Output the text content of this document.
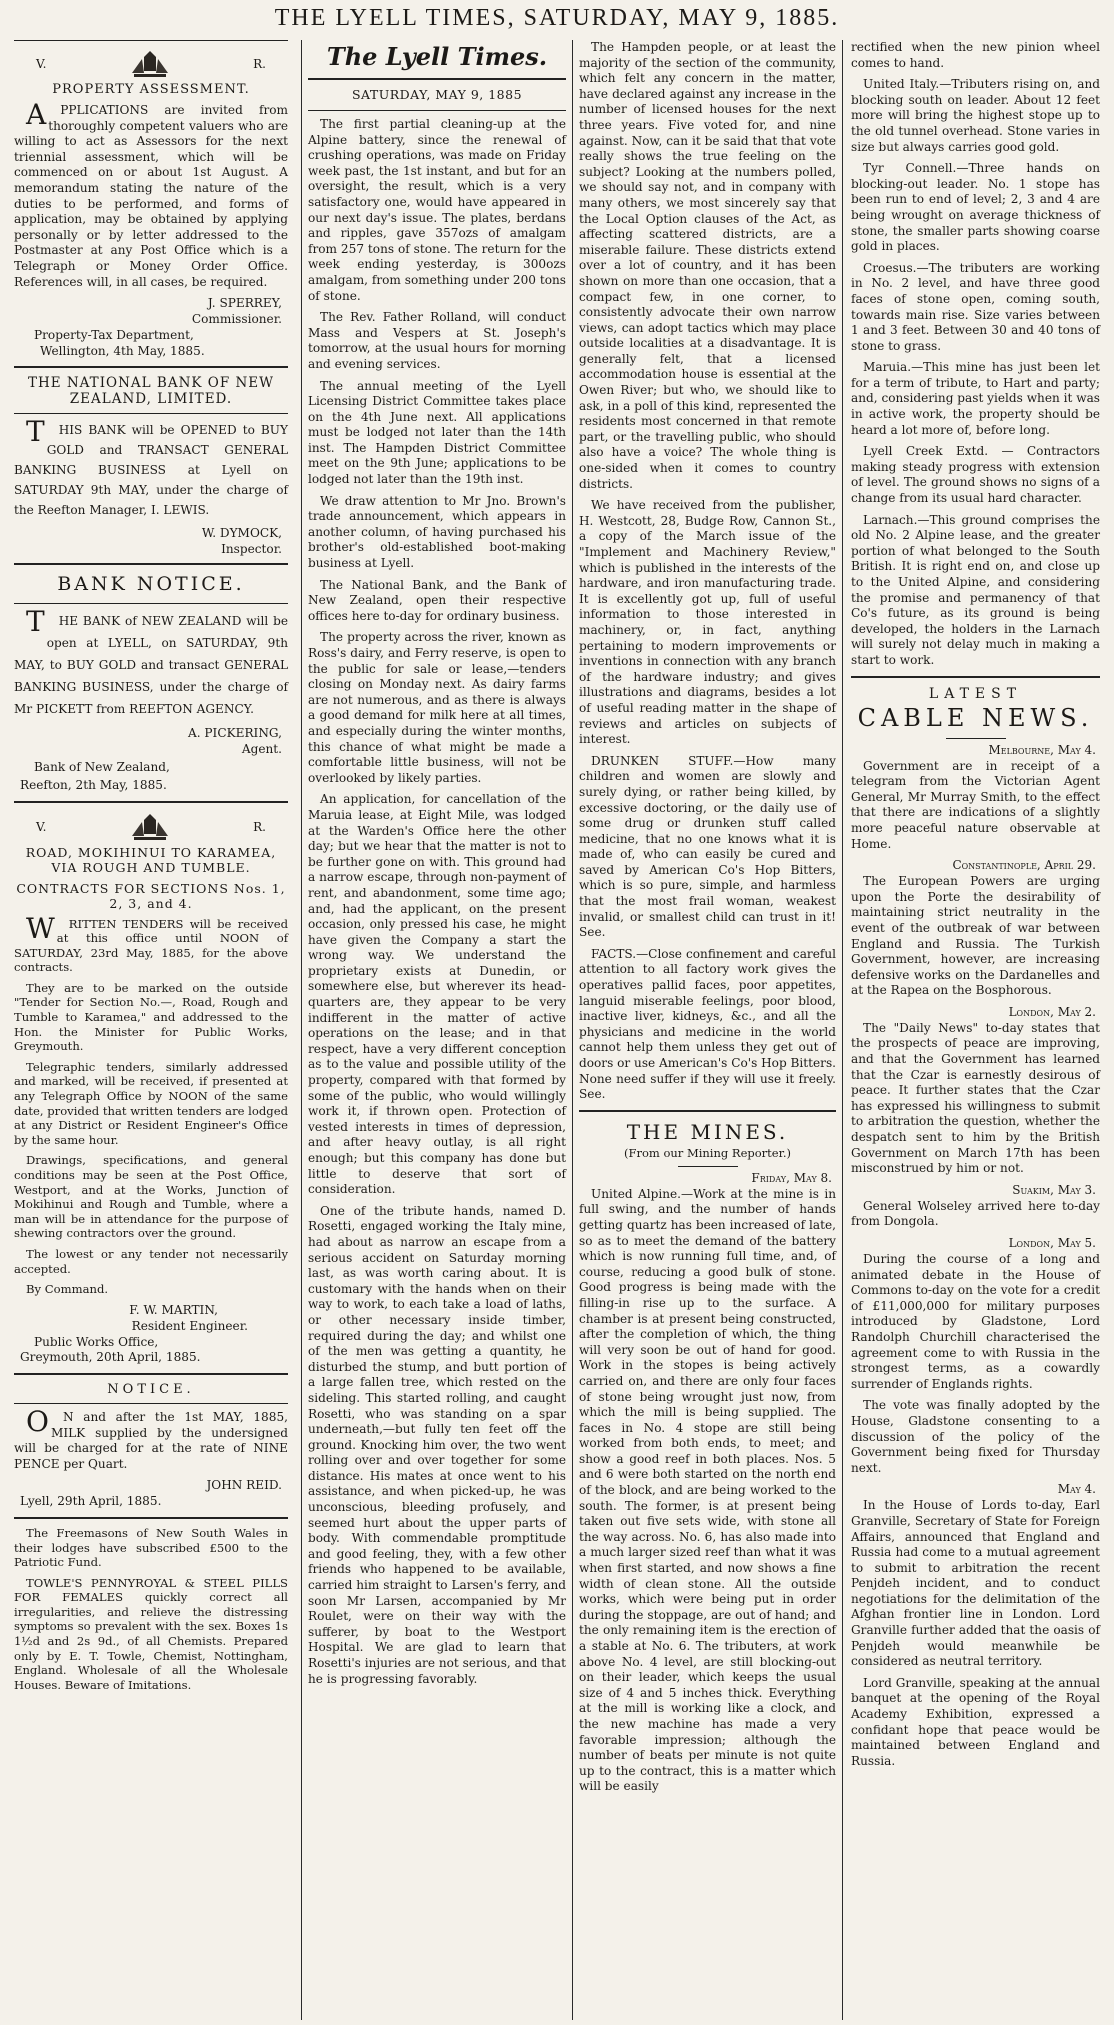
THE LYELL TIMES, SATURDAY, MAY 9, 1885.
V.	R.
PROPERTY ASSESSMENT.

APPLICATIONS are invited from thoroughly competent valuers who are willing to act as Assessors for the next triennial assessment, which will be commenced on or about 1st August. A memorandum stating the nature of the duties to be performed, and forms of application, may be obtained by applying personally or by letter addressed to the Postmaster at any Post Office which is a Telegraph or Money Order Office. References will, in all cases, be required.

J. SPERREY,
Commissioner.

Property-Tax Department,

Wellington, 4th May, 1885.

THE NATIONAL BANK OF NEW ZEALAND, LIMITED.

THIS BANK will be OPENED to BUY GOLD and TRANSACT GENERAL BANKING BUSINESS at Lyell on SATURDAY 9th MAY, under the charge of the Reefton Manager, I. LEWIS.

W. DYMOCK,
Inspector.
BANK NOTICE.

THE BANK of NEW ZEALAND will be open at LYELL, on SATURDAY, 9th MAY, to BUY GOLD and transact GENERAL BANKING BUSINESS, under the charge of Mr PICKETT from REEFTON AGENCY.

A. PICKERING,
Agent.

Bank of New Zealand,

Reefton, 2th May, 1885.

V.	R.
ROAD, MOKIHINUI TO KARAMEA, VIA ROUGH AND TUMBLE.
CONTRACTS FOR SECTIONS Nos. 1, 2, 3, and 4.

WRITTEN TENDERS will be received at this office until NOON of SATURDAY, 23rd May, 1885, for the above contracts.

They are to be marked on the outside "Tender for Section No.—, Road, Rough and Tumble to Karamea," and addressed to the Hon. the Minister for Public Works, Greymouth.

Telegraphic tenders, similarly addressed and marked, will be received, if presented at any Telegraph Office by NOON of the same date, provided that written tenders are lodged at any District or Resident Engineer's Office by the same hour.

Drawings, specifications, and general conditions may be seen at the Post Office, Westport, and at the Works, Junction of Mokihinui and Rough and Tumble, where a man will be in attendance for the purpose of shewing contractors over the ground.

The lowest or any tender not necessarily accepted.

By Command.

F. W. MARTIN,
Resident Engineer.

Public Works Office,

Greymouth, 20th April, 1885.

NOTICE.

ON and after the 1st MAY, 1885, MILK supplied by the undersigned will be charged for at the rate of NINE PENCE per Quart.

JOHN REID.

Lyell, 29th April, 1885.

The Freemasons of New South Wales in their lodges have subscribed £500 to the Patriotic Fund.

TOWLE'S PENNYROYAL & STEEL PILLS FOR FEMALES quickly correct all irregularities, and relieve the distressing symptoms so prevalent with the sex. Boxes 1s 1½d and 2s 9d., of all Chemists. Prepared only by E. T. Towle, Chemist, Nottingham, England. Wholesale of all the Wholesale Houses. Beware of Imitations.

The Lyell Times.
SATURDAY, MAY 9, 1885

The first partial cleaning-up at the Alpine battery, since the renewal of crushing operations, was made on Friday week past, the 1st instant, and but for an oversight, the result, which is a very satisfactory one, would have appeared in our next day's issue. The plates, berdans and ripples, gave 357ozs of amalgam from 257 tons of stone. The return for the week ending yesterday, is 300ozs amalgam, from something under 200 tons of stone.

The Rev. Father Rolland, will conduct Mass and Vespers at St. Joseph's tomorrow, at the usual hours for morning and evening services.

The annual meeting of the Lyell Licensing District Committee takes place on the 4th June next. All applications must be lodged not later than the 14th inst. The Hampden District Committee meet on the 9th June; applications to be lodged not later than the 19th inst.

We draw attention to Mr Jno. Brown's trade announcement, which appears in another column, of having purchased his brother's old-established boot-making business at Lyell.

The National Bank, and the Bank of New Zealand, open their respective offices here to-day for ordinary business.

The property across the river, known as Ross's dairy, and Ferry reserve, is open to the public for sale or lease,—tenders closing on Monday next. As dairy farms are not numerous, and as there is always a good demand for milk here at all times, and especially during the winter months, this chance of what might be made a comfortable little business, will not be overlooked by likely parties.

An application, for cancellation of the Maruia lease, at Eight Mile, was lodged at the Warden's Office here the other day; but we hear that the matter is not to be further gone on with. This ground had a narrow escape, through non-payment of rent, and abandonment, some time ago; and, had the applicant, on the present occasion, only pressed his case, he might have given the Company a start the wrong way. We understand the proprietary exists at Dunedin, or somewhere else, but wherever its head-quarters are, they appear to be very indifferent in the matter of active operations on the lease; and in that respect, have a very different conception as to the value and possible utility of the property, compared with that formed by some of the public, who would willingly work it, if thrown open. Protection of vested interests in times of depression, and after heavy outlay, is all right enough; but this company has done but little to deserve that sort of consideration.

One of the tribute hands, named D. Rosetti, engaged working the Italy mine, had about as narrow an escape from a serious accident on Saturday morning last, as was worth caring about. It is customary with the hands when on their way to work, to each take a load of laths, or other necessary inside timber, required during the day; and whilst one of the men was getting a quantity, he disturbed the stump, and butt portion of a large fallen tree, which rested on the sideling. This started rolling, and caught Rosetti, who was standing on a spar underneath,—but fully ten feet off the ground. Knocking him over, the two went rolling over and over together for some distance. His mates at once went to his assistance, and when picked-up, he was unconscious, bleeding profusely, and seemed hurt about the upper parts of body. With commendable promptitude and good feeling, they, with a few other friends who happened to be available, carried him straight to Larsen's ferry, and soon Mr Larsen, accompanied by Mr Roulet, were on their way with the sufferer, by boat to the Westport Hospital. We are glad to learn that Rosetti's injuries are not serious, and that he is progressing favorably.

The Hampden people, or at least the majority of the section of the community, which felt any concern in the matter, have declared against any increase in the number of licensed houses for the next three years. Five voted for, and nine against. Now, can it be said that that vote really shows the true feeling on the subject? Looking at the numbers polled, we should say not, and in company with many others, we most sincerely say that the Local Option clauses of the Act, as affecting scattered districts, are a miserable failure. These districts extend over a lot of country, and it has been shown on more than one occasion, that a compact few, in one corner, to consistently advocate their own narrow views, can adopt tactics which may place outside localities at a disadvantage. It is generally felt, that a licensed accommodation house is essential at the Owen River; but who, we should like to ask, in a poll of this kind, represented the residents most concerned in that remote part, or the travelling public, who should also have a voice? The whole thing is one-sided when it comes to country districts.

We have received from the publisher, H. Westcott, 28, Budge Row, Cannon St., a copy of the March issue of the "Implement and Machinery Review," which is published in the interests of the hardware, and iron manufacturing trade. It is excellently got up, full of useful information to those interested in machinery, or, in fact, anything pertaining to modern improvements or inventions in connection with any branch of the hardware industry; and gives illustrations and diagrams, besides a lot of useful reading matter in the shape of reviews and articles on subjects of interest.

DRUNKEN STUFF.—How many children and women are slowly and surely dying, or rather being killed, by excessive doctoring, or the daily use of some drug or drunken stuff called medicine, that no one knows what it is made of, who can easily be cured and saved by American Co's Hop Bitters, which is so pure, simple, and harmless that the most frail woman, weakest invalid, or smallest child can trust in it! See.

FACTS.—Close confinement and careful attention to all factory work gives the operatives pallid faces, poor appetites, languid miserable feelings, poor blood, inactive liver, kidneys, &c., and all the physicians and medicine in the world cannot help them unless they get out of doors or use American's Co's Hop Bitters. None need suffer if they will use it freely. See.

THE MINES.
(From our Mining Reporter.)
Friday, May 8.

United Alpine.—Work at the mine is in full swing, and the number of hands getting quartz has been increased of late, so as to meet the demand of the battery which is now running full time, and, of course, reducing a good bulk of stone. Good progress is being made with the filling-in rise up to the surface. A chamber is at present being constructed, after the completion of which, the thing will very soon be out of hand for good. Work in the stopes is being actively carried on, and there are only four faces of stone being wrought just now, from which the mill is being supplied. The faces in No. 4 stope are still being worked from both ends, to meet; and show a good reef in both places. Nos. 5 and 6 were both started on the north end of the block, and are being worked to the south. The former, is at present being taken out five sets wide, with stone all the way across. No. 6, has also made into a much larger sized reef than what it was when first started, and now shows a fine width of clean stone. All the outside works, which were being put in order during the stoppage, are out of hand; and the only remaining item is the erection of a stable at No. 6. The tributers, at work above No. 4 level, are still blocking-out on their leader, which keeps the usual size of 4 and 5 inches thick. Everything at the mill is working like a clock, and the new machine has made a very favorable impression; although the number of beats per minute is not quite up to the contract, this is a matter which will be easily

rectified when the new pinion wheel comes to hand.

United Italy.—Tributers rising on, and blocking south on leader. About 12 feet more will bring the highest stope up to the old tunnel overhead. Stone varies in size but always carries good gold.

Tyr Connell.—Three hands on blocking-out leader. No. 1 stope has been run to end of level; 2, 3 and 4 are being wrought on average thickness of stone, the smaller parts showing coarse gold in places.

Croesus.—The tributers are working in No. 2 level, and have three good faces of stone open, coming south, towards main rise. Size varies between 1 and 3 feet. Between 30 and 40 tons of stone to grass.

Maruia.—This mine has just been let for a term of tribute, to Hart and party; and, considering past yields when it was in active work, the property should be heard a lot more of, before long.

Lyell Creek Extd. — Contractors making steady progress with extension of level. The ground shows no signs of a change from its usual hard character.

Larnach.—This ground comprises the old No. 2 Alpine lease, and the greater portion of what belonged to the South British. It is right end on, and close up to the United Alpine, and considering the promise and permanency of that Co's future, as its ground is being developed, the holders in the Larnach will surely not delay much in making a start to work.

LATEST
CABLE NEWS.
Melbourne, May 4.

Government are in receipt of a telegram from the Victorian Agent General, Mr Murray Smith, to the effect that there are indications of a slightly more peaceful nature observable at Home.

Constantinople, April 29.

The European Powers are urging upon the Porte the desirability of maintaining strict neutrality in the event of the outbreak of war between England and Russia. The Turkish Government, however, are increasing defensive works on the Dardanelles and at the Rapea on the Bosphorous.

London, May 2.

The "Daily News" to-day states that the prospects of peace are improving, and that the Government has learned that the Czar is earnestly desirous of peace. It further states that the Czar has expressed his willingness to submit to arbitration the question, whether the despatch sent to him by the British Government on March 17th has been misconstrued by him or not.

Suakim, May 3.

General Wolseley arrived here to-day from Dongola.

London, May 5.

During the course of a long and animated debate in the House of Commons to-day on the vote for a credit of £11,000,000 for military purposes introduced by Gladstone, Lord Randolph Churchill characterised the agreement come to with Russia in the strongest terms, as a cowardly surrender of Englands rights.

The vote was finally adopted by the House, Gladstone consenting to a discussion of the policy of the Government being fixed for Thursday next.

May 4.

In the House of Lords to-day, Earl Granville, Secretary of State for Foreign Affairs, announced that England and Russia had come to a mutual agreement to submit to arbitration the recent Penjdeh incident, and to conduct negotiations for the delimitation of the Afghan frontier line in London. Lord Granville further added that the oasis of Penjdeh would meanwhile be considered as neutral territory.

Lord Granville, speaking at the annual banquet at the opening of the Royal Academy Exhibition, expressed a confidant hope that peace would be maintained between England and Russia.
